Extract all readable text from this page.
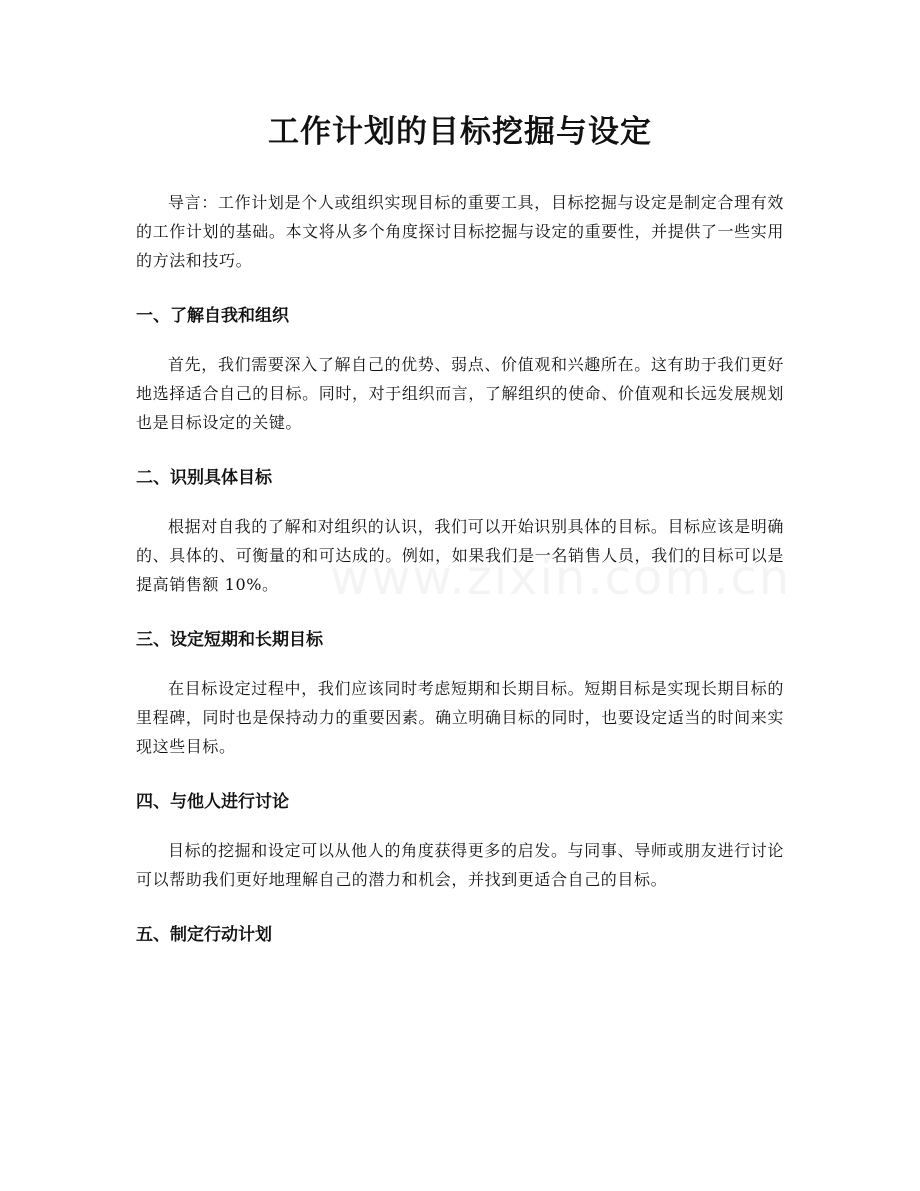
工作计划的目标挖掘与设定

导言：工作计划是个人或组织实现目标的重要工具，目标挖掘与设定是制定合理有效的工作计划的基础。本文将从多个角度探讨目标挖掘与设定的重要性，并提供了一些实用的方法和技巧。

一、了解自我和组织

首先，我们需要深入了解自己的优势、弱点、价值观和兴趣所在。这有助于我们更好地选择适合自己的目标。同时，对于组织而言，了解组织的使命、价值观和长远发展规划也是目标设定的关键。

二、识别具体目标

根据对自我的了解和对组织的认识，我们可以开始识别具体的目标。目标应该是明确的、具体的、可衡量的和可达成的。例如，如果我们是一名销售人员，我们的目标可以是提高销售额 10%。

三、设定短期和长期目标

在目标设定过程中，我们应该同时考虑短期和长期目标。短期目标是实现长期目标的里程碑，同时也是保持动力的重要因素。确立明确目标的同时，也要设定适当的时间来实现这些目标。

四、与他人进行讨论

目标的挖掘和设定可以从他人的角度获得更多的启发。与同事、导师或朋友进行讨论可以帮助我们更好地理解自己的潜力和机会，并找到更适合自己的目标。

五、制定行动计划
